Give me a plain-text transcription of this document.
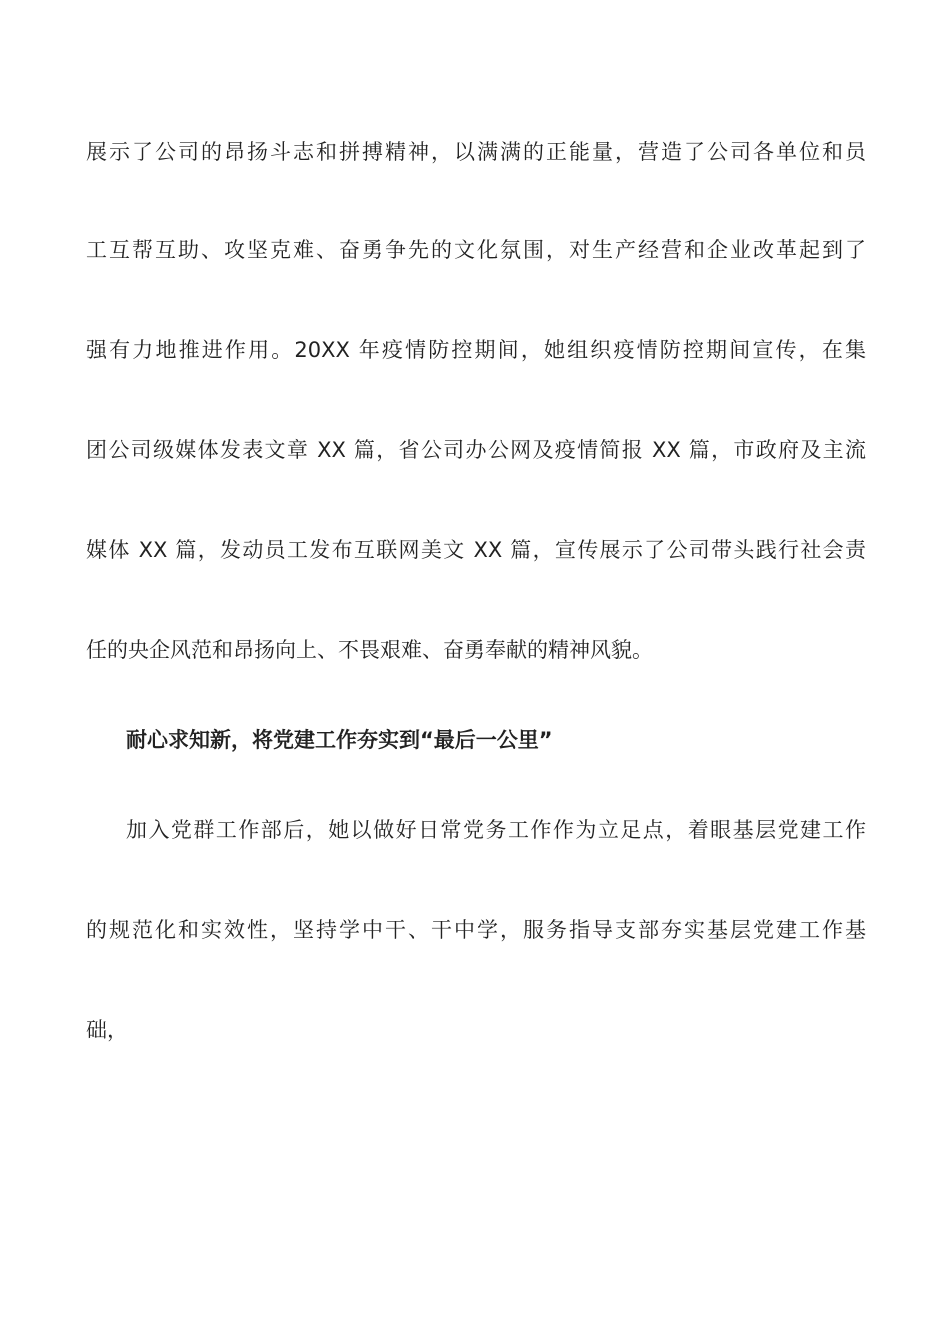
展示了公司的昂扬斗志和拼搏精神，以满满的正能量，营造了公司各单位和员
工互帮互助、攻坚克难、奋勇争先的文化氛围，对生产经营和企业改革起到了
强有力地推进作用。20XX 年疫情防控期间，她组织疫情防控期间宣传，在集
团公司级媒体发表文章 XX 篇，省公司办公网及疫情简报 XX 篇，市政府及主流
媒体 XX 篇，发动员工发布互联网美文 XX 篇，宣传展示了公司带头践行社会责
任的央企风范和昂扬向上、不畏艰难、奋勇奉献的精神风貌。
耐心求知新，将党建工作夯实到“最后一公里”
加入党群工作部后，她以做好日常党务工作作为立足点，着眼基层党建工作
的规范化和实效性，坚持学中干、干中学，服务指导支部夯实基层党建工作基
础，
